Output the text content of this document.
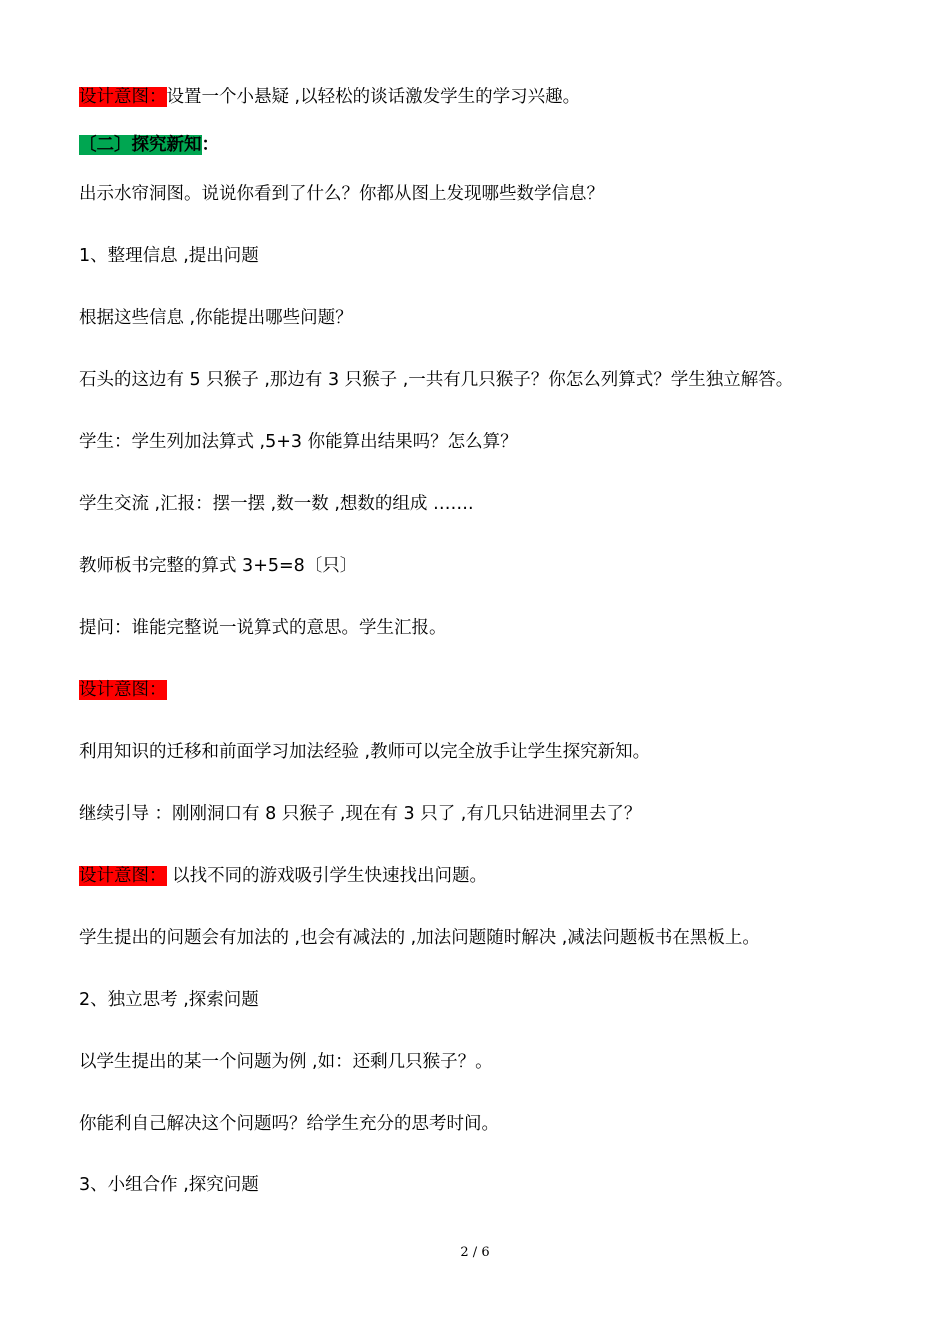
设计意图：设置一个小悬疑 ,以轻松的谈话激发学生的学习兴趣。
〔二〕探究新知：
出示水帘洞图。说说你看到了什么？你都从图上发现哪些数学信息？
1、整理信息 ,提出问题
根据这些信息 ,你能提出哪些问题？
石头的这边有 5 只猴子 ,那边有 3 只猴子 ,一共有几只猴子？你怎么列算式？学生独立解答。
学生：学生列加法算式 ,5+3 你能算出结果吗？怎么算？
学生交流 ,汇报：摆一摆 ,数一数 ,想数的组成 …….
教师板书完整的算式 3+5=8〔只〕
提问：谁能完整说一说算式的意思。学生汇报。
设计意图：
利用知识的迁移和前面学习加法经验 ,教师可以完全放手让学生探究新知。
继续引导 ：刚刚洞口有 8 只猴子 ,现在有 3 只了 ,有几只钻进洞里去了？
设计意图： 以找不同的游戏吸引学生快速找出问题。
学生提出的问题会有加法的 ,也会有减法的 ,加法问题随时解决 ,减法问题板书在黑板上。
2、独立思考 ,探索问题
以学生提出的某一个问题为例 ,如：还剩几只猴子？。
你能利自己解决这个问题吗？给学生充分的思考时间。
3、小组合作 ,探究问题
2 / 6
